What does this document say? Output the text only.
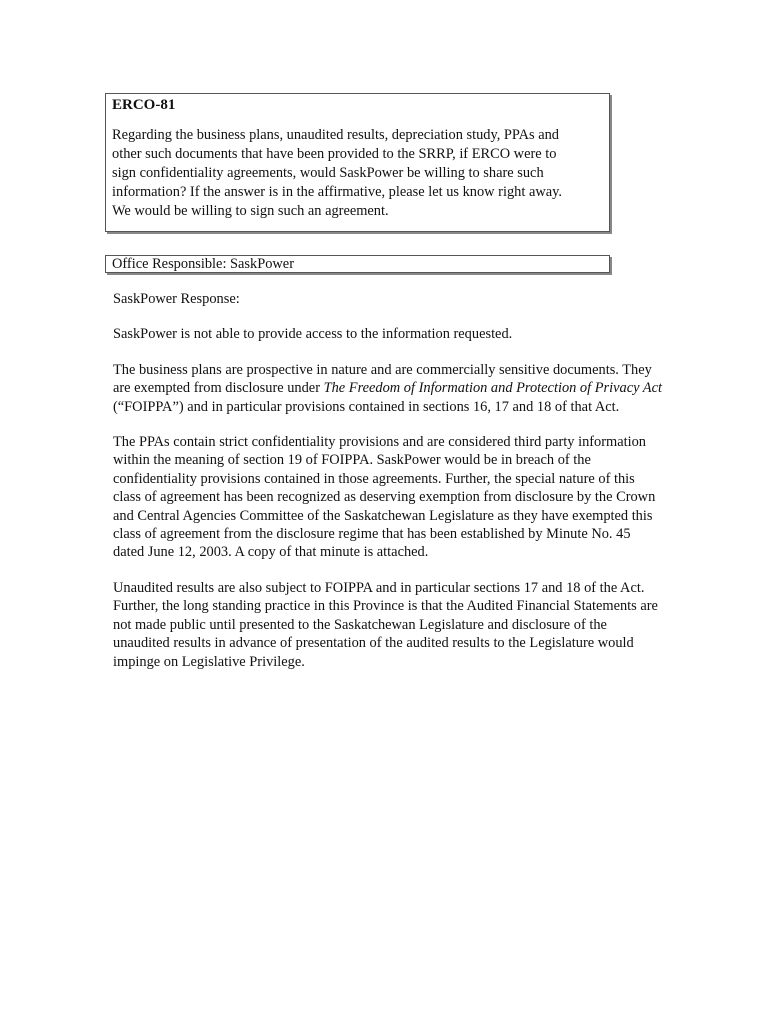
ERCO-81

Regarding the business plans, unaudited results, depreciation study, PPAs and other such documents that have been provided to the SRRP, if ERCO were to sign confidentiality agreements, would SaskPower be willing to share such information? If the answer is in the affirmative, please let us know right away. We would be willing to sign such an agreement.

Office Responsible: SaskPower

SaskPower Response:

SaskPower is not able to provide access to the information requested.

The business plans are prospective in nature and are commercially sensitive documents. They are exempted from disclosure under The Freedom of Information and Protection of Privacy Act (“FOIPPA”) and in particular provisions contained in sections 16, 17 and 18 of that Act.

The PPAs contain strict confidentiality provisions and are considered third party information within the meaning of section 19 of FOIPPA. SaskPower would be in breach of the confidentiality provisions contained in those agreements. Further, the special nature of this class of agreement has been recognized as deserving exemption from disclosure by the Crown and Central Agencies Committee of the Saskatchewan Legislature as they have exempted this class of agreement from the disclosure regime that has been established by Minute No. 45 dated June 12, 2003. A copy of that minute is attached.

Unaudited results are also subject to FOIPPA and in particular sections 17 and 18 of the Act. Further, the long standing practice in this Province is that the Audited Financial Statements are not made public until presented to the Saskatchewan Legislature and disclosure of the unaudited results in advance of presentation of the audited results to the Legislature would impinge on Legislative Privilege.
